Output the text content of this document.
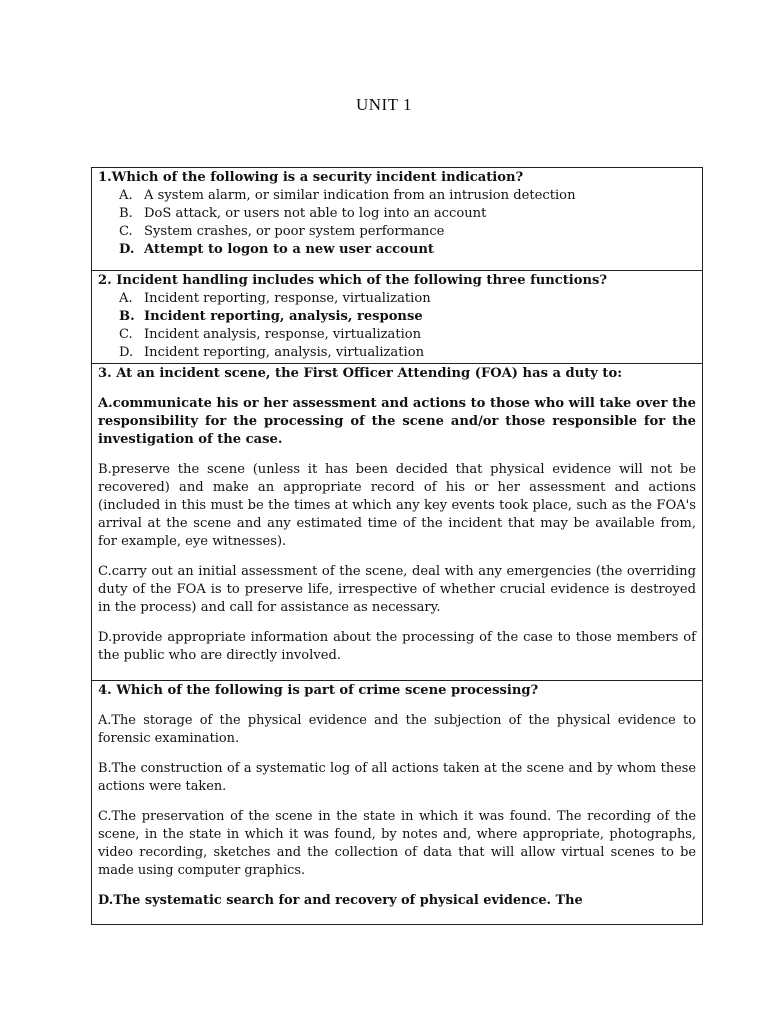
UNIT 1

1.Which of the following is a security incident indication?

A. A system alarm, or similar indication from an intrusion detection
B. DoS attack, or users not able to log into an account
C. System crashes, or poor system performance
D. Attempt to logon to a new user account

2. Incident handling includes which of the following three functions?

A. Incident reporting, response, virtualization
B. Incident reporting, analysis, response
C. Incident analysis, response, virtualization
D. Incident reporting, analysis, virtualization

3. At an incident scene, the First Officer Attending (FOA) has a duty to:

A.communicate his or her assessment and actions to those who will take over the responsibility for the processing of the scene and/or those responsible for the investigation of the case.

B.preserve the scene (unless it has been decided that physical evidence will not be recovered) and make an appropriate record of his or her assessment and actions (included in this must be the times at which any key events took place, such as the FOA's arrival at the scene and any estimated time of the incident that may be available from, for example, eye witnesses).

C.carry out an initial assessment of the scene, deal with any emergencies (the overriding duty of the FOA is to preserve life, irrespective of whether crucial evidence is destroyed in the process) and call for assistance as necessary.

D.provide appropriate information about the processing of the case to those members of the public who are directly involved.

4. Which of the following is part of crime scene processing?

A.The storage of the physical evidence and the subjection of the physical evidence to forensic examination.

B.The construction of a systematic log of all actions taken at the scene and by whom these actions were taken.

C.The preservation of the scene in the state in which it was found. The recording of the scene, in the state in which it was found, by notes and, where appropriate, photographs, video recording, sketches and the collection of data that will allow virtual scenes to be made using computer graphics.

D.The systematic search for and recovery of physical evidence. The
